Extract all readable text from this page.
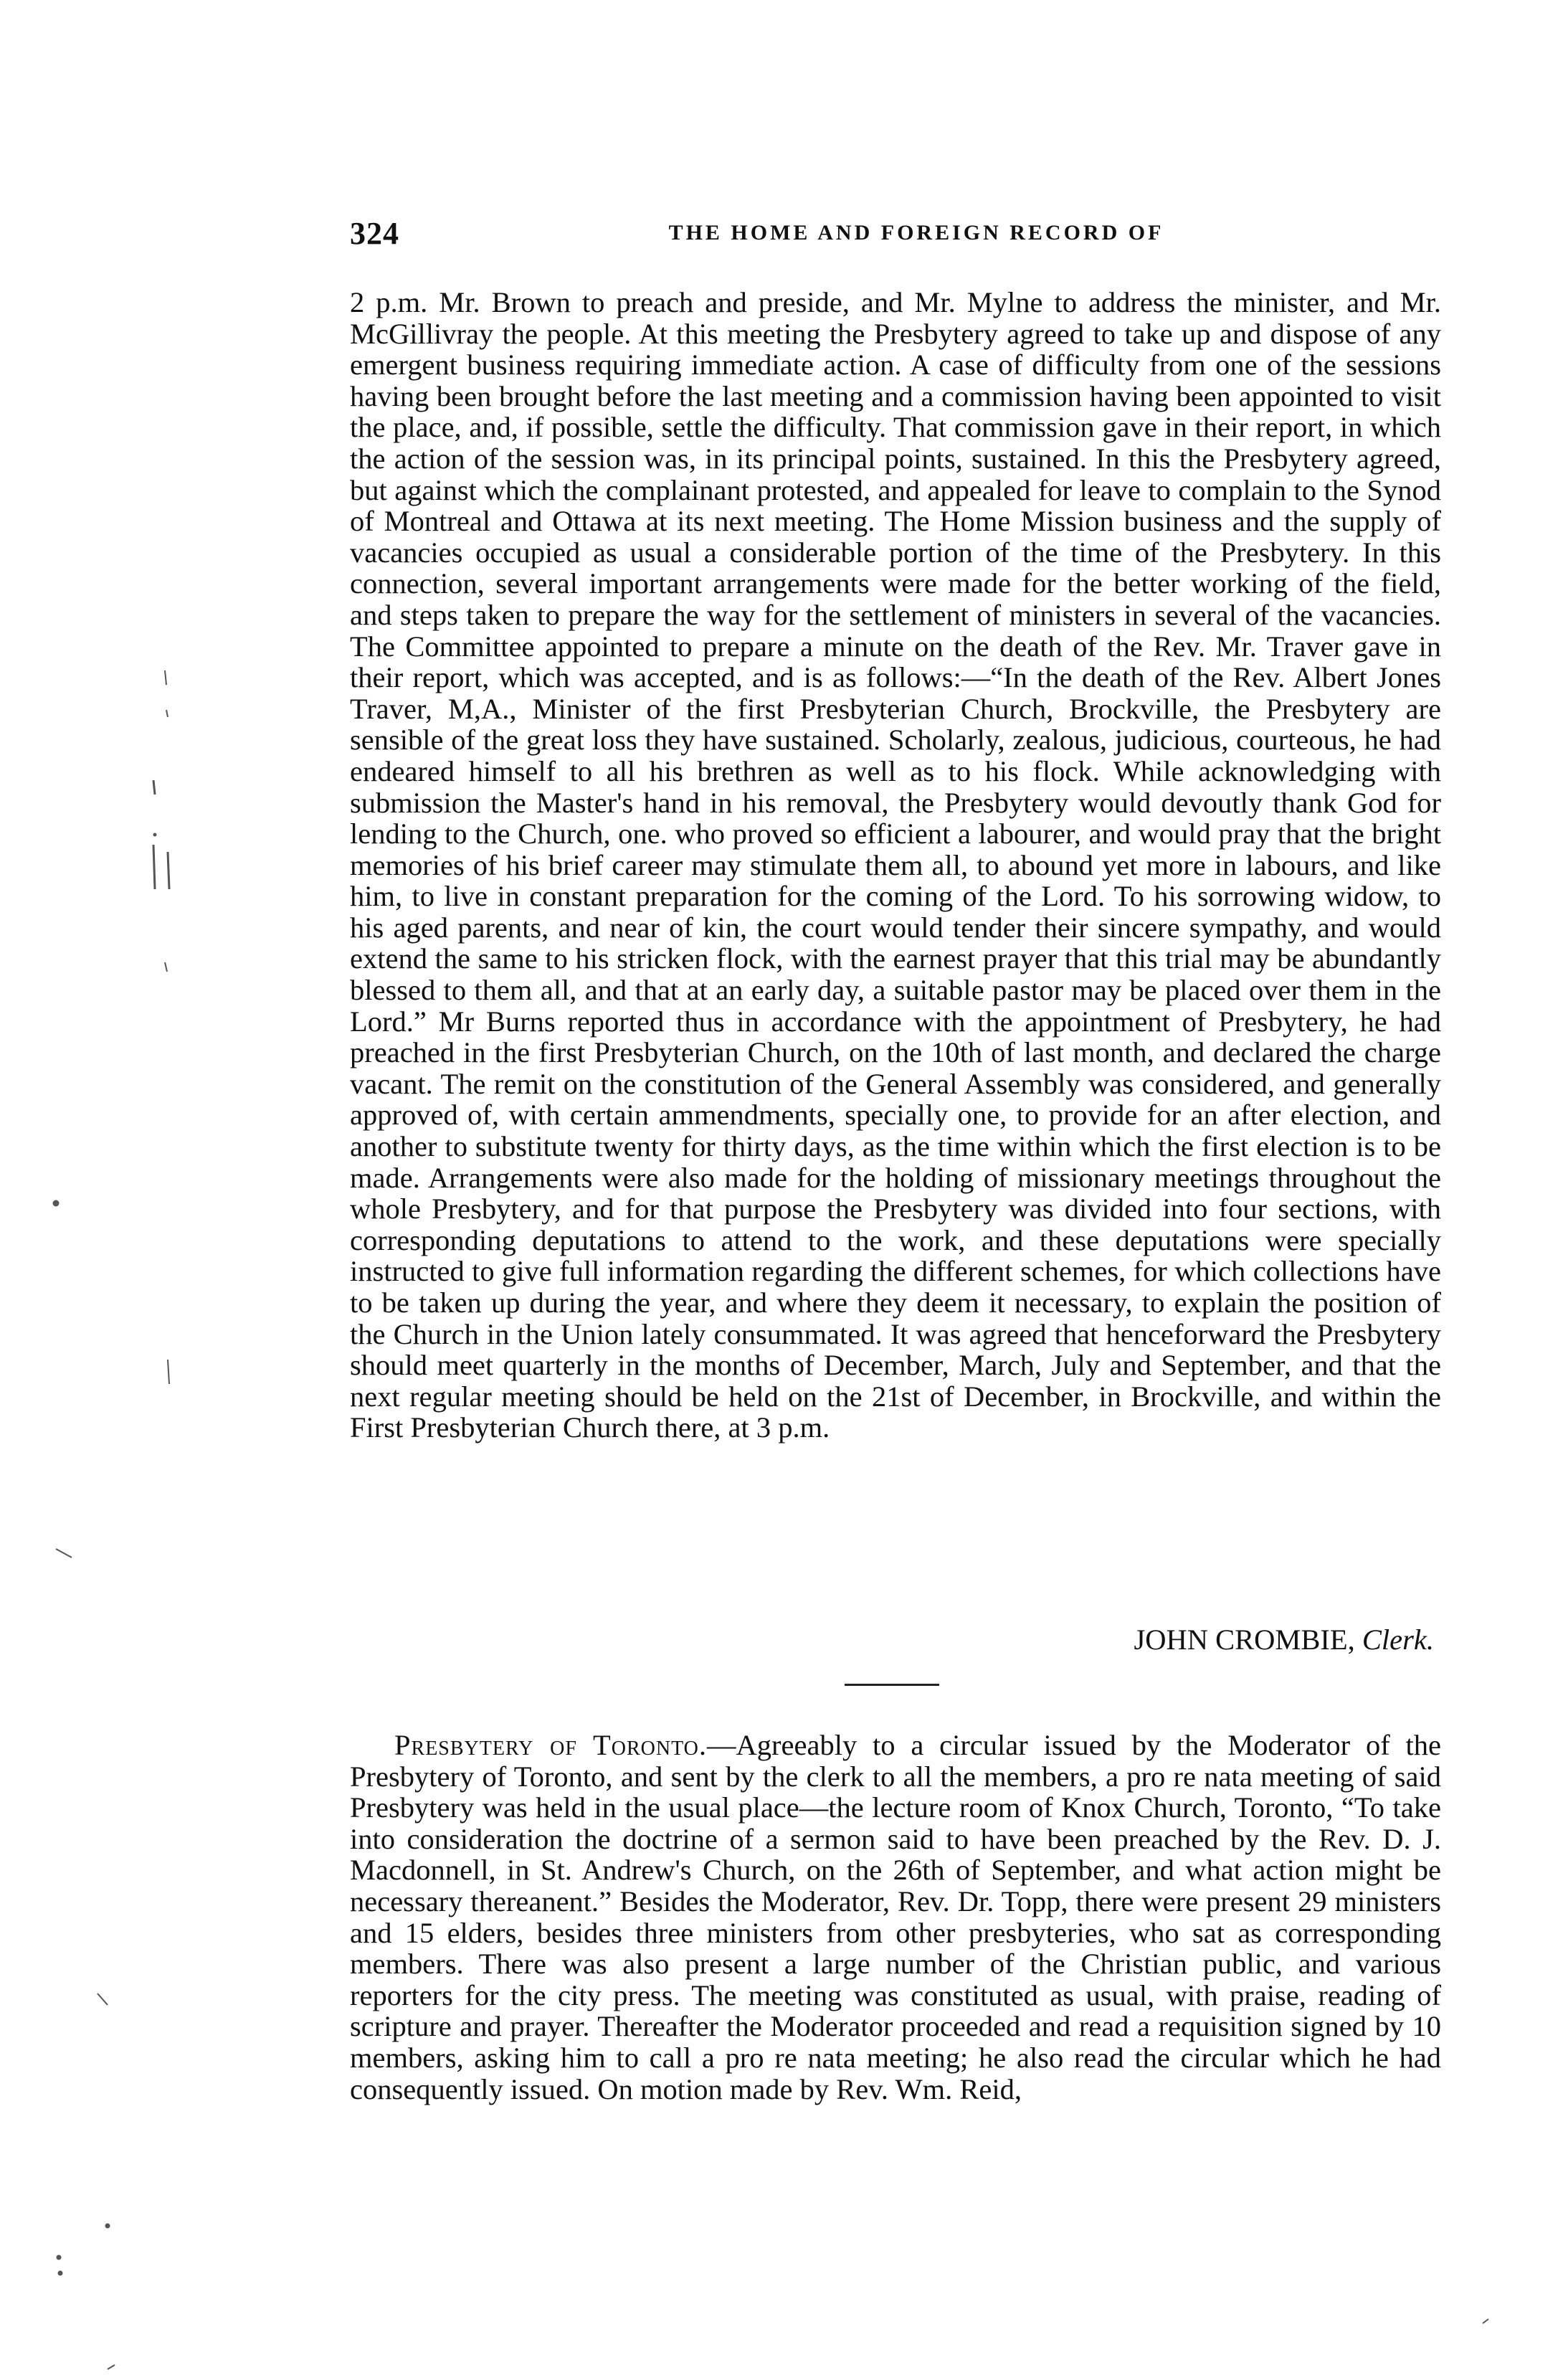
324	THE HOME AND FOREIGN RECORD OF
2 p.m. Mr. Brown to preach and preside, and Mr. Mylne to address the minister, and Mr. McGillivray the people. At this meeting the Presbytery agreed to take up and dispose of any emergent business requiring immediate action. A case of difficulty from one of the sessions having been brought before the last meeting and a commission having been appointed to visit the place, and, if possible, settle the difficulty. That commission gave in their report, in which the action of the session was, in its principal points, sustained. In this the Presbytery agreed, but against which the complainant protested, and appealed for leave to complain to the Synod of Montreal and Ottawa at its next meeting. The Home Mission business and the supply of vacancies occupied as usual a considerable portion of the time of the Presbytery. In this connection, several important arrangements were made for the better working of the field, and steps taken to prepare the way for the settlement of ministers in several of the vacancies. The Committee appointed to prepare a minute on the death of the Rev. Mr. Traver gave in their report, which was accepted, and is as follows:—“In the death of the Rev. Albert Jones Traver, M,A., Minister of the first Presbyterian Church, Brockville, the Presbytery are sensible of the great loss they have sustained. Scholarly, zealous, judicious, courteous, he had endeared himself to all his brethren as well as to his flock. While acknowledging with submission the Master's hand in his removal, the Presbytery would devoutly thank God for lending to the Church, one. who proved so efficient a labourer, and would pray that the bright memories of his brief career may stimulate them all, to abound yet more in labours, and like him, to live in constant preparation for the coming of the Lord. To his sorrowing widow, to his aged parents, and near of kin, the court would tender their sincere sympathy, and would extend the same to his stricken flock, with the earnest prayer that this trial may be abundantly blessed to them all, and that at an early day, a suitable pastor may be placed over them in the Lord.” Mr Burns reported thus in accordance with the appointment of Presbytery, he had preached in the first Presbyterian Church, on the 10th of last month, and declared the charge vacant. The remit on the constitution of the General Assembly was considered, and generally approved of, with certain ammendments, specially one, to provide for an after election, and another to substitute twenty for thirty days, as the time within which the first election is to be made. Arrangements were also made for the holding of missionary meetings throughout the whole Presbytery, and for that purpose the Presbytery was divided into four sections, with corresponding deputations to attend to the work, and these deputations were specially instructed to give full information regarding the different schemes, for which collections have to be taken up during the year, and where they deem it necessary, to explain the position of the Church in the Union lately consummated. It was agreed that henceforward the Presbytery should meet quarterly in the months of December, March, July and September, and that the next regular meeting should be held on the 21st of December, in Brockville, and within the First Presbyterian Church there, at 3 p.m.
JOHN CROMBIE, Clerk.
Presbytery of Toronto.—Agreeably to a circular issued by the Moderator of the Presbytery of Toronto, and sent by the clerk to all the members, a pro re nata meeting of said Presbytery was held in the usual place—the lecture room of Knox Church, Toronto, “To take into consideration the doctrine of a sermon said to have been preached by the Rev. D. J. Macdonnell, in St. Andrew's Church, on the 26th of September, and what action might be necessary thereanent.” Besides the Moderator, Rev. Dr. Topp, there were present 29 ministers and 15 elders, besides three ministers from other presbyteries, who sat as corresponding members. There was also present a large number of the Christian public, and various reporters for the city press. The meeting was constituted as usual, with praise, reading of scripture and prayer. Thereafter the Moderator proceeded and read a requisition signed by 10 members, asking him to call a pro re nata meeting; he also read the circular which he had consequently issued. On motion made by Rev. Wm. Reid,
